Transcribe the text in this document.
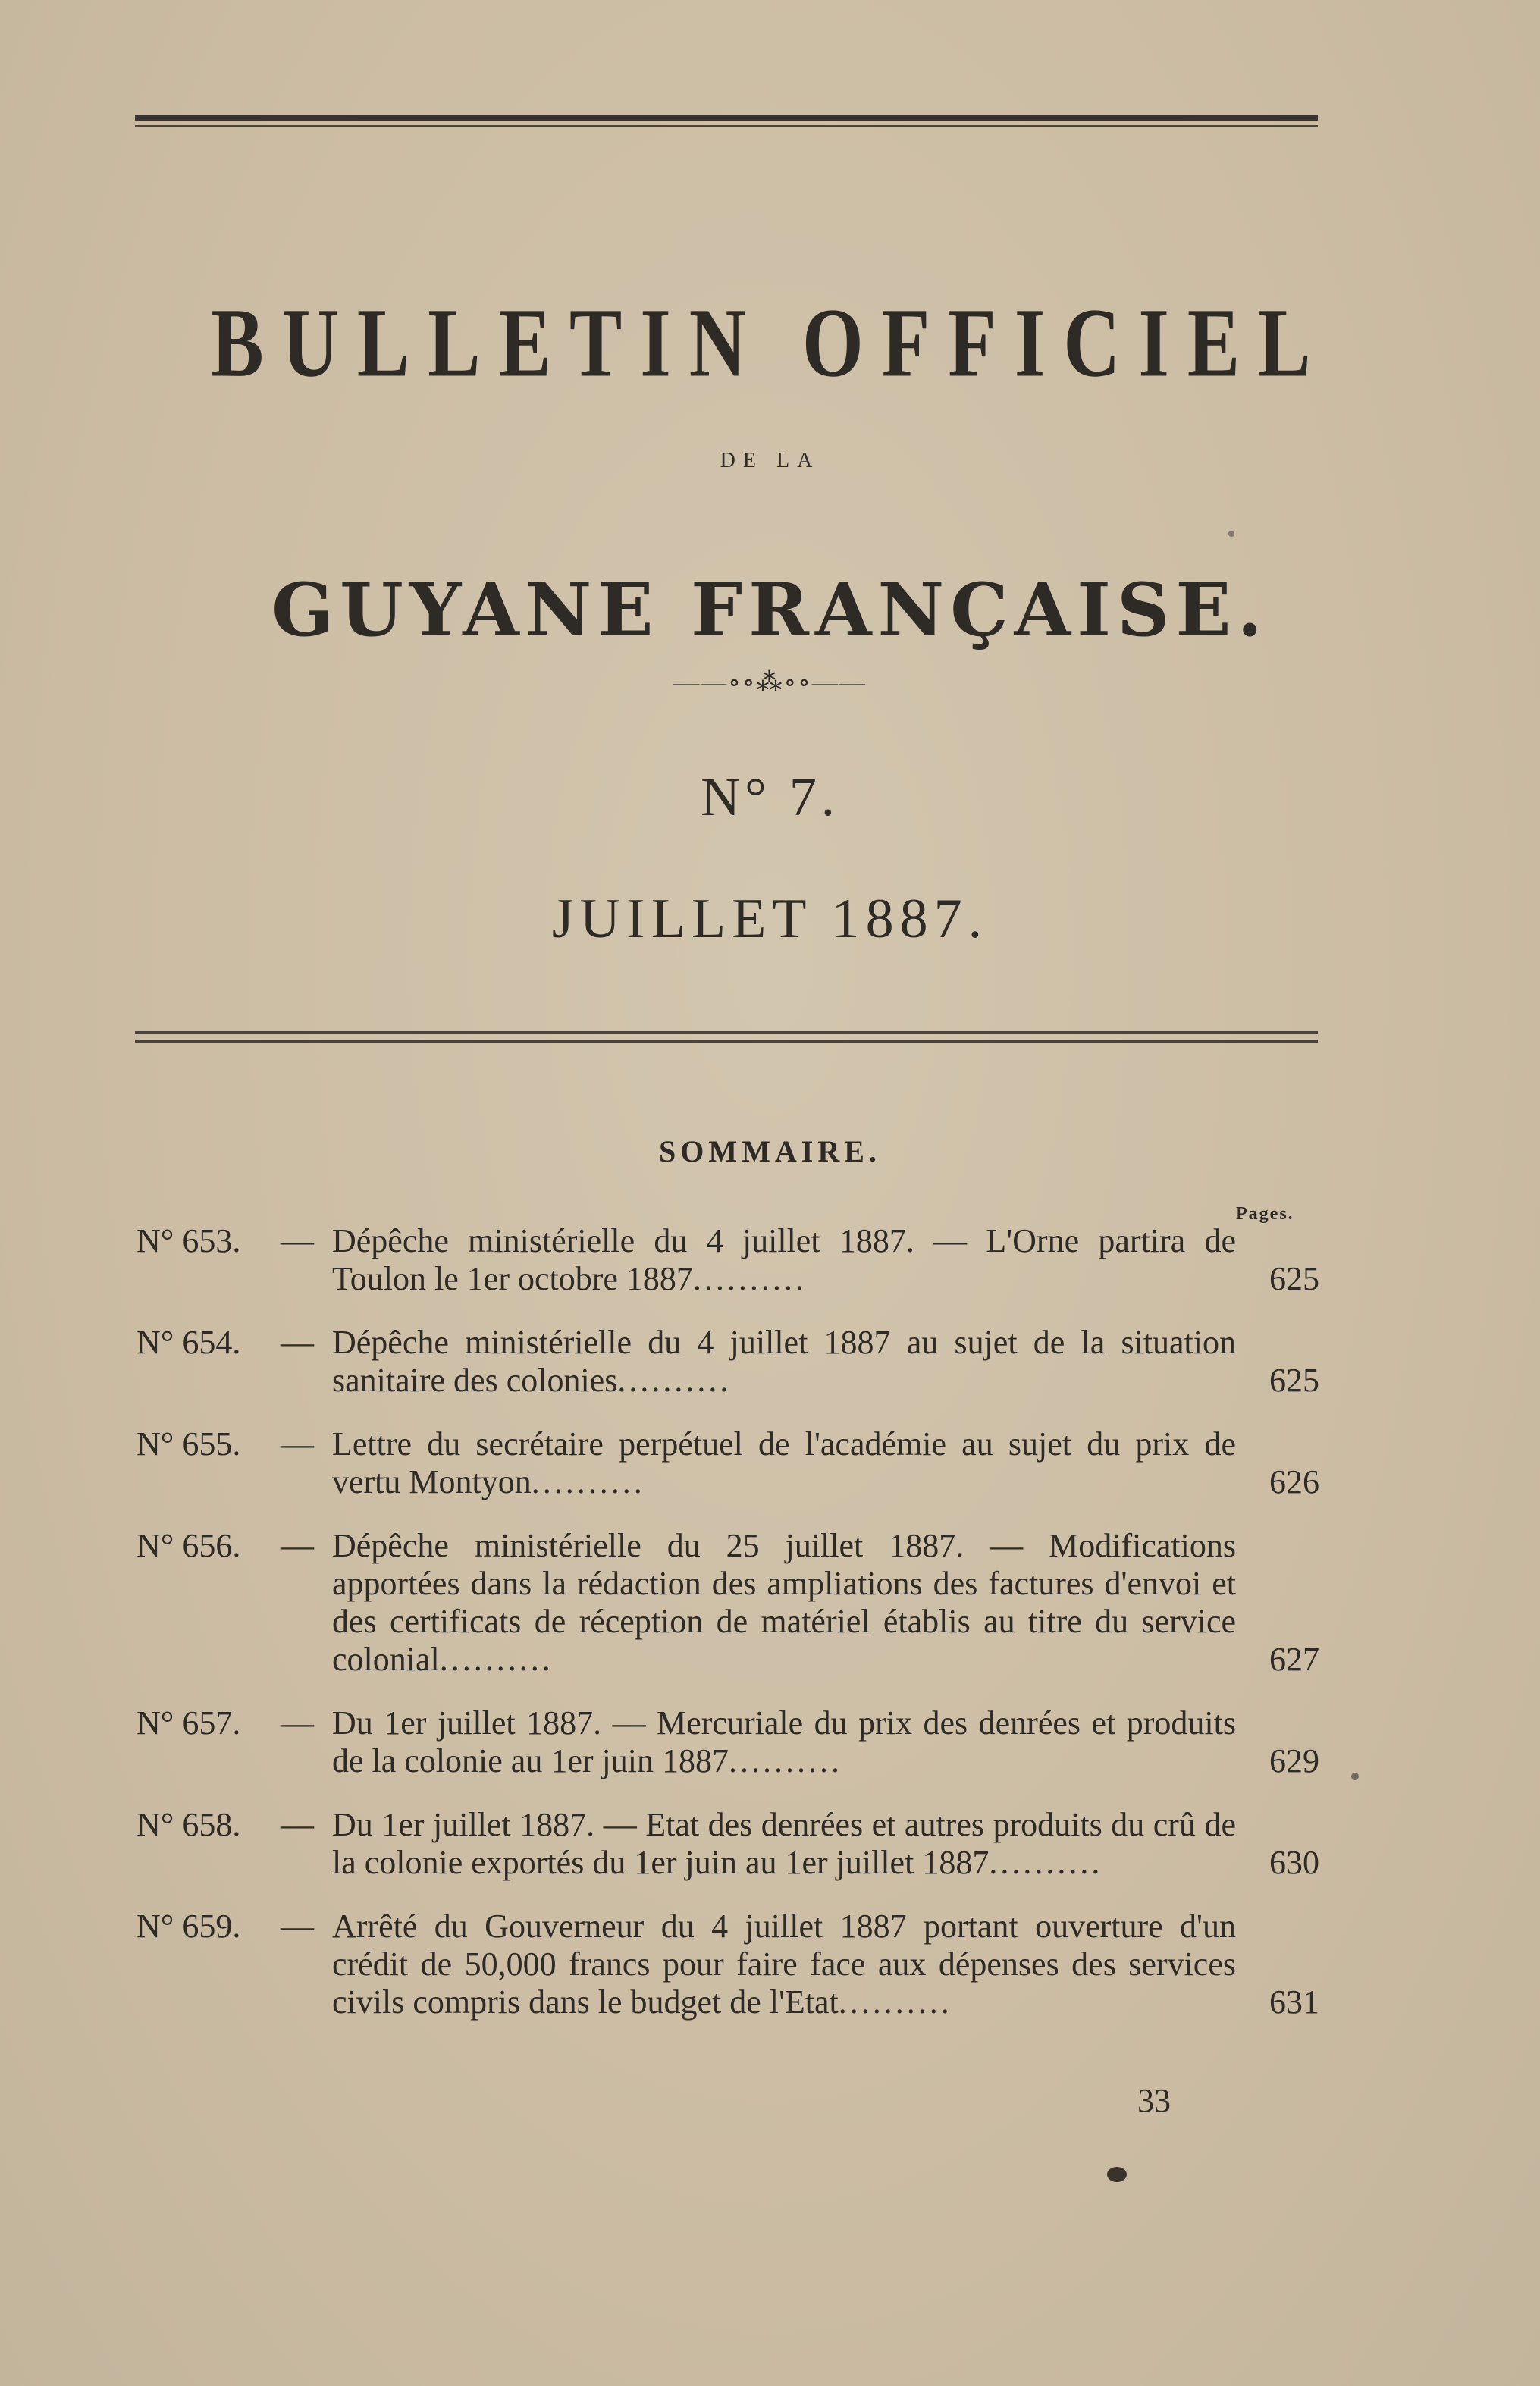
BULLETIN OFFICIEL
DE LA
GUYANE FRANÇAISE.
——∘∘⁂∘∘——
N° 7.
JUILLET 1887.
SOMMAIRE.
Pages.
N° 653.	— Dépêche ministérielle du 4 juillet 1887. — L'Orne partira de Toulon le 1er octobre 1887..........	625
N° 654.	— Dépêche ministérielle du 4 juillet 1887 au sujet de la situation sanitaire des colonies..........	625
N° 655.	— Lettre du secrétaire perpétuel de l'académie au sujet du prix de vertu Montyon..........	626
N° 656.	— Dépêche ministérielle du 25 juillet 1887. — Modifications apportées dans la rédaction des ampliations des factures d'envoi et des certificats de réception de matériel établis au titre du service colonial..........	627
N° 657.	— Du 1er juillet 1887. — Mercuriale du prix des denrées et produits de la colonie au 1er juin 1887..........	629
N° 658.	— Du 1er juillet 1887. — Etat des denrées et autres produits du crû de la colonie exportés du 1er juin au 1er juillet 1887..........	630
N° 659.	— Arrêté du Gouverneur du 4 juillet 1887 portant ouverture d'un crédit de 50,000 francs pour faire face aux dépenses des services civils compris dans le budget de l'Etat..........	631
33
